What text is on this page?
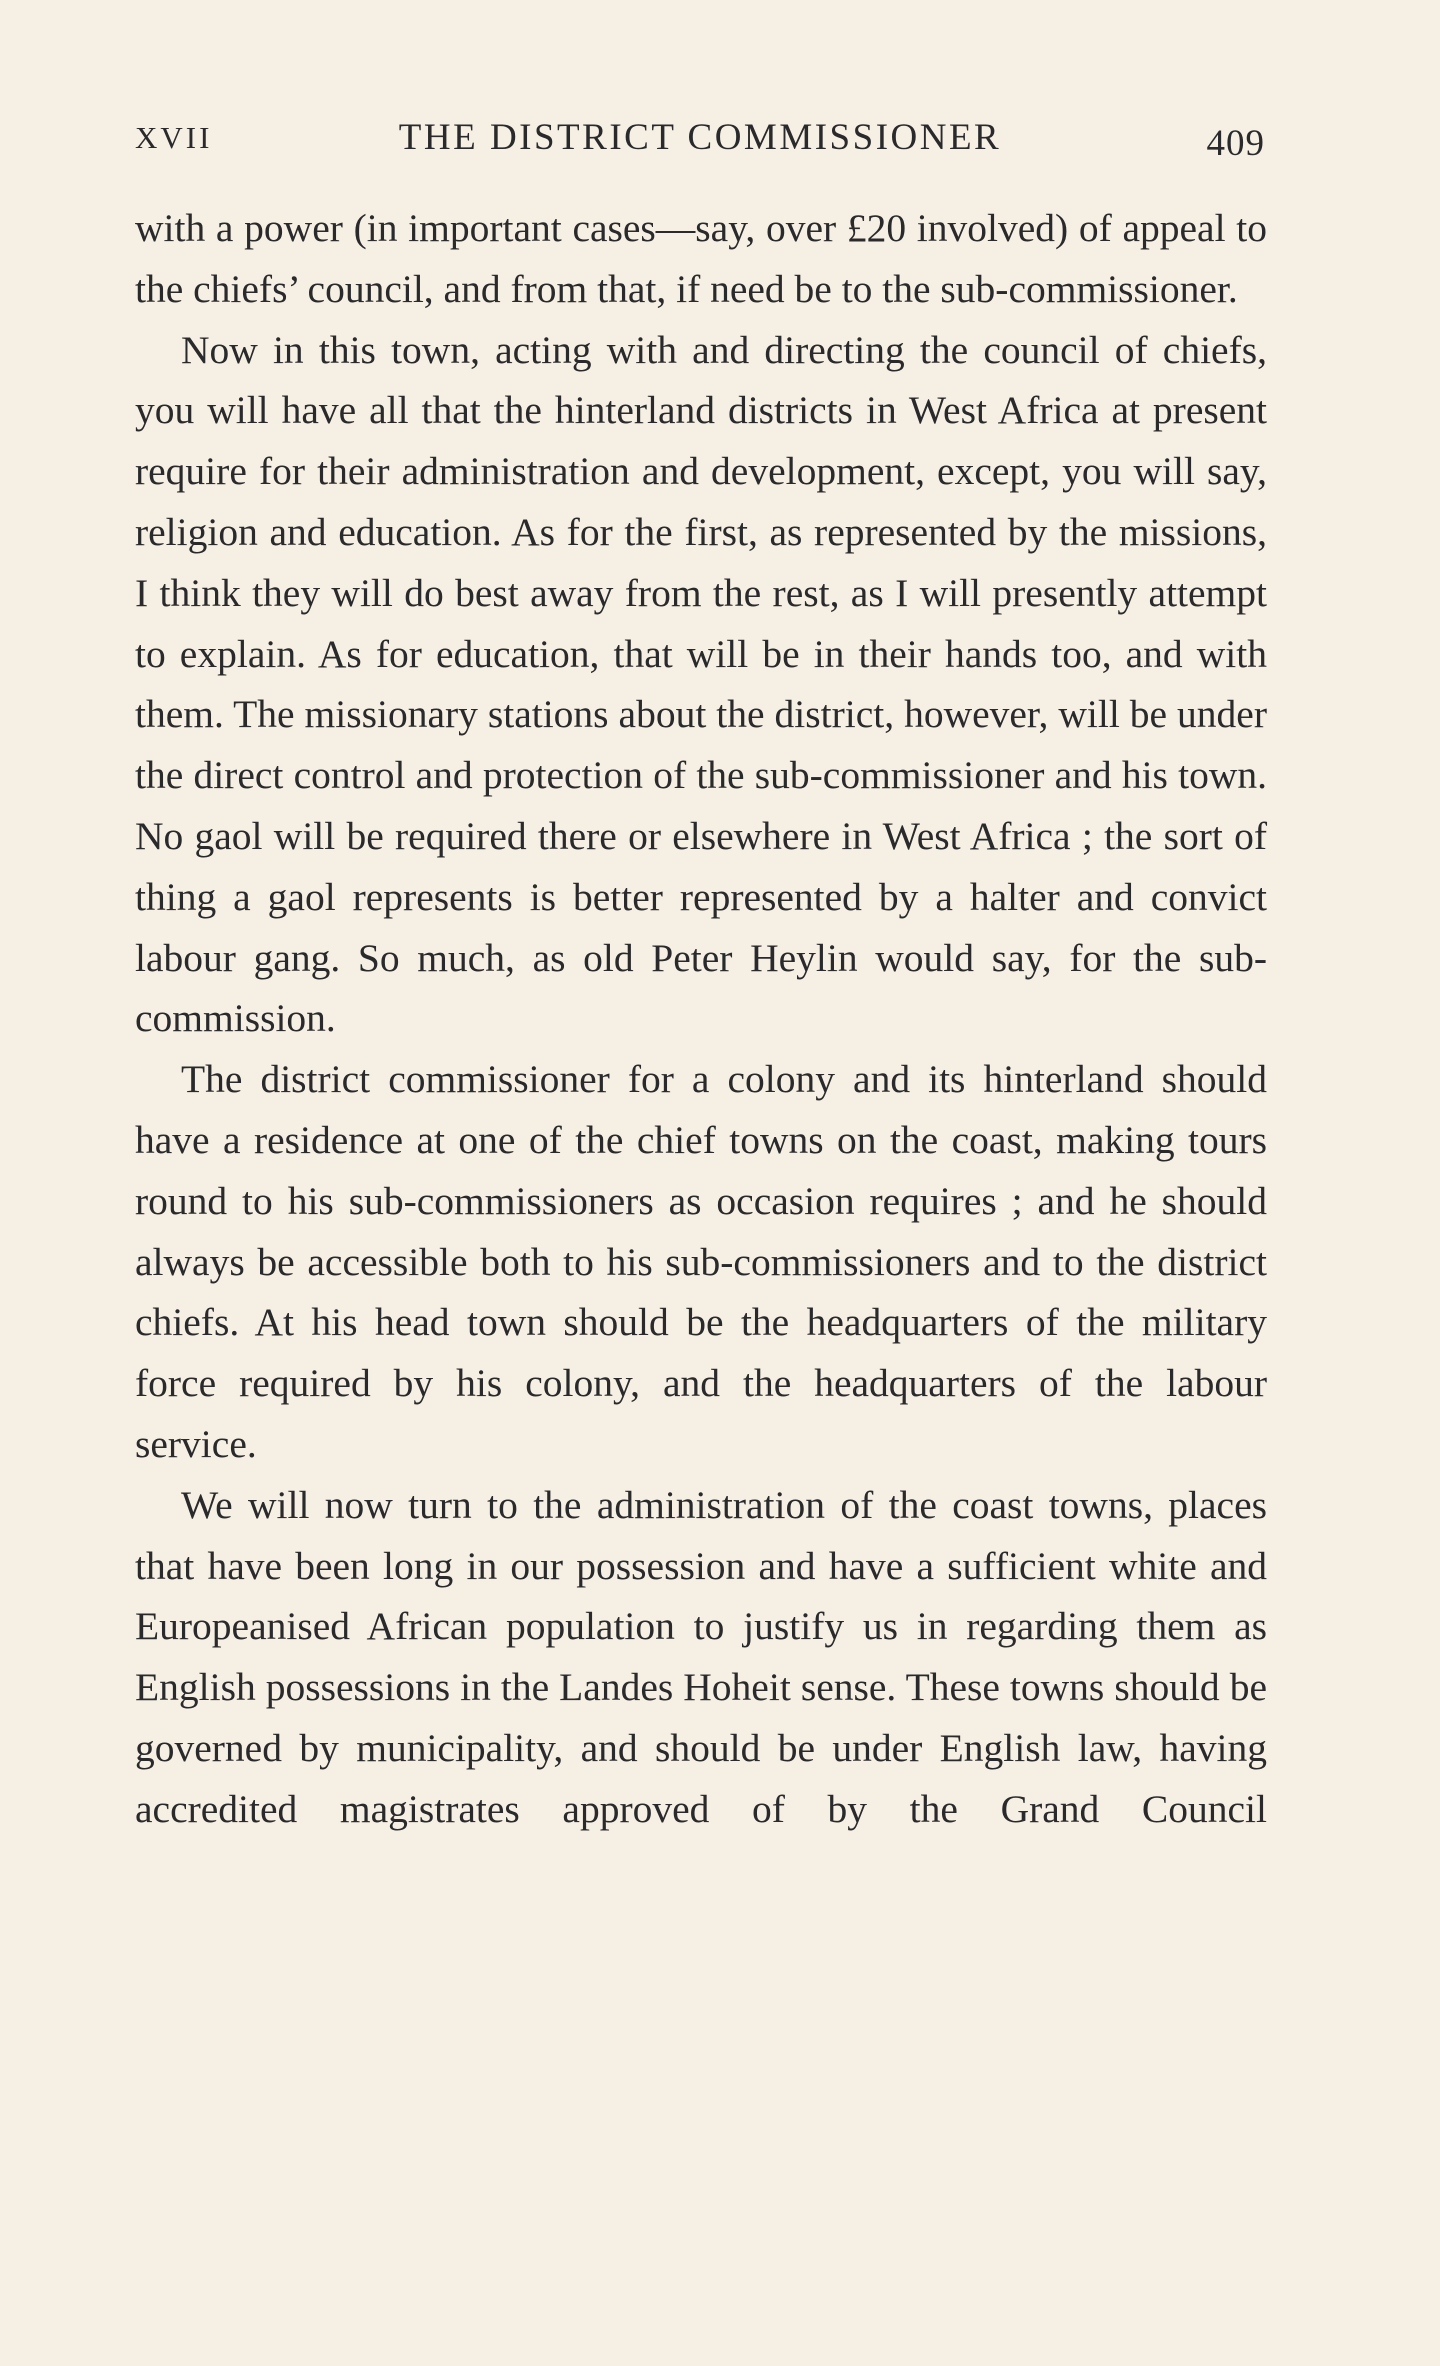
XVII	THE DISTRICT COMMISSIONER	409

with a power (in important cases—say, over £20 involved) of appeal to the chiefs’ council, and from that, if need be to the sub-commissioner.

Now in this town, acting with and directing the council of chiefs, you will have all that the hinterland districts in West Africa at present require for their administration and development, except, you will say, religion and education. As for the first, as represented by the missions, I think they will do best away from the rest, as I will presently attempt to explain. As for education, that will be in their hands too, and with them. The missionary stations about the district, however, will be under the direct control and protection of the sub-commissioner and his town. No gaol will be required there or elsewhere in West Africa ; the sort of thing a gaol represents is better represented by a halter and convict labour gang. So much, as old Peter Heylin would say, for the sub-commission.

The district commissioner for a colony and its hinterland should have a residence at one of the chief towns on the coast, making tours round to his sub-commissioners as occasion requires ; and he should always be accessible both to his sub-commissioners and to the district chiefs. At his head town should be the headquarters of the military force required by his colony, and the headquarters of the labour service.

We will now turn to the administration of the coast towns, places that have been long in our possession and have a sufficient white and Europeanised African population to justify us in regarding them as English possessions in the Landes Hoheit sense. These towns should be governed by municipality, and should be under English law, having accredited magistrates approved of by the Grand Council
